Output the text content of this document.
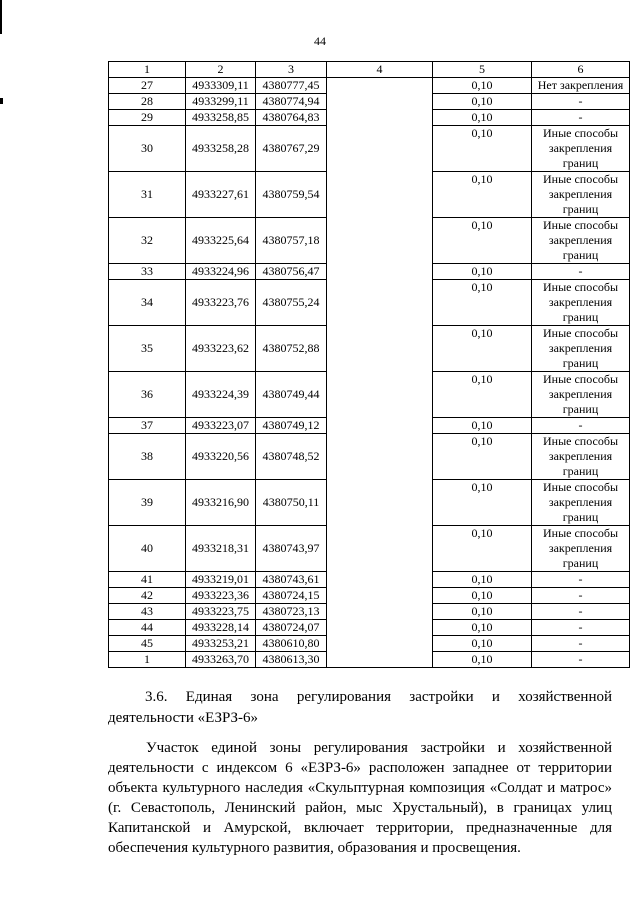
44
1	2	3	4	5	6
27	4933309,11	4380777,45		0,10	Нет закрепления
28	4933299,11	4380774,94		0,10	-
29	4933258,85	4380764,83		0,10	-
30	4933258,28	4380767,29		0,10	Иные способы закрепления границ
31	4933227,61	4380759,54		0,10	Иные способы закрепления границ
32	4933225,64	4380757,18		0,10	Иные способы закрепления границ
33	4933224,96	4380756,47		0,10	-
34	4933223,76	4380755,24		0,10	Иные способы закрепления границ
35	4933223,62	4380752,88		0,10	Иные способы закрепления границ
36	4933224,39	4380749,44		0,10	Иные способы закрепления границ
37	4933223,07	4380749,12		0,10	-
38	4933220,56	4380748,52		0,10	Иные способы закрепления границ
39	4933216,90	4380750,11		0,10	Иные способы закрепления границ
40	4933218,31	4380743,97		0,10	Иные способы закрепления границ
41	4933219,01	4380743,61		0,10	-
42	4933223,36	4380724,15		0,10	-
43	4933223,75	4380723,13		0,10	-
44	4933228,14	4380724,07		0,10	-
45	4933253,21	4380610,80		0,10	-
1	4933263,70	4380613,30		0,10	-
3.6. Единая зона регулирования застройки и хозяйственной
деятельности «ЕЗРЗ-6»
Участок единой зоны регулирования застройки и хозяйственной деятельности с индексом 6 «ЕЗРЗ-6» расположен западнее от территории объекта культурного наследия «Скульптурная композиция «Солдат и матрос» (г. Севастополь, Ленинский район, мыс Хрустальный), в границах улиц Капитанской и Амурской, включает территории, предназначенные для обеспечения культурного развития, образования и просвещения.
